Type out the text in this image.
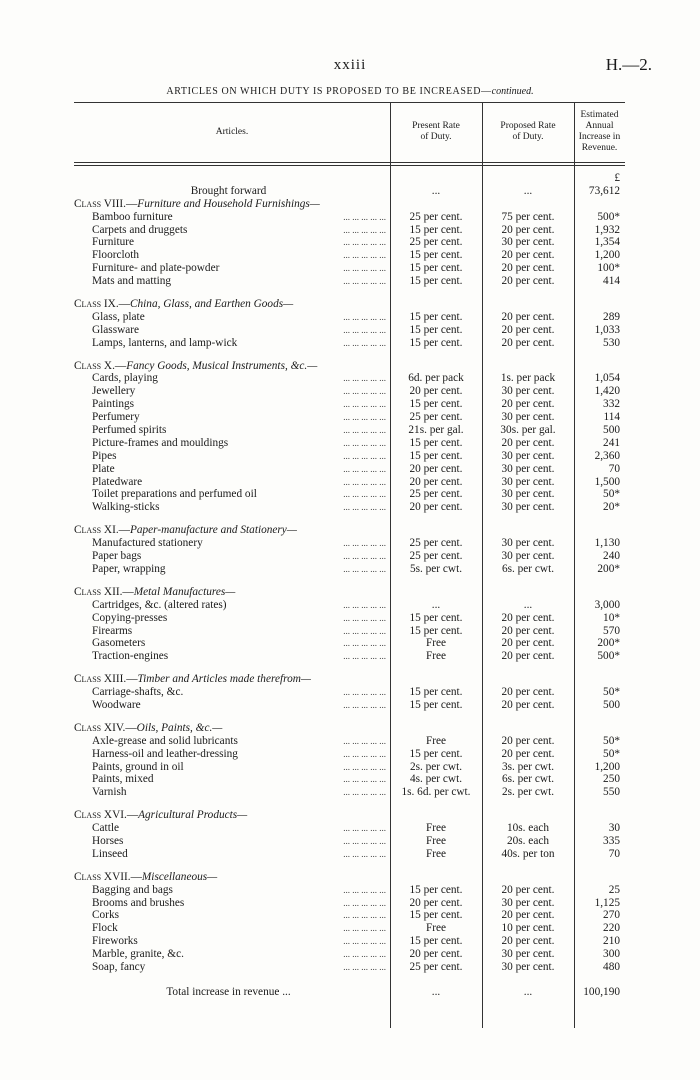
xxiii	H.—2.
ARTICLES ON WHICH DUTY IS PROPOSED TO BE INCREASED—continued.
Articles.
Present Rate
of Duty.
Proposed Rate
of Duty.
Estimated
Annual
Increase in
Revenue.
£
Brought forward	...	...	73,612
Class VIII.—Furniture and Household Furnishings—
Bamboo furniture	... ... ... ... ...	25 per cent.	75 per cent.	500*
Carpets and druggets	... ... ... ... ...	15 per cent.	20 per cent.	1,932
Furniture	... ... ... ... ...	25 per cent.	30 per cent.	1,354
Floorcloth	... ... ... ... ...	15 per cent.	20 per cent.	1,200
Furniture- and plate-powder	... ... ... ... ...	15 per cent.	20 per cent.	100*
Mats and matting	... ... ... ... ...	15 per cent.	20 per cent.	414
Class IX.—China, Glass, and Earthen Goods—
Glass, plate	... ... ... ... ...	15 per cent.	20 per cent.	289
Glassware	... ... ... ... ...	15 per cent.	20 per cent.	1,033
Lamps, lanterns, and lamp-wick	... ... ... ... ...	15 per cent.	20 per cent.	530
Class X.—Fancy Goods, Musical Instruments, &c.—
Cards, playing	... ... ... ... ...	6d. per pack	1s. per pack	1,054
Jewellery	... ... ... ... ...	20 per cent.	30 per cent.	1,420
Paintings	... ... ... ... ...	15 per cent.	20 per cent.	332
Perfumery	... ... ... ... ...	25 per cent.	30 per cent.	114
Perfumed spirits	... ... ... ... ...	21s. per gal.	30s. per gal.	500
Picture-frames and mouldings	... ... ... ... ...	15 per cent.	20 per cent.	241
Pipes	... ... ... ... ...	15 per cent.	30 per cent.	2,360
Plate	... ... ... ... ...	20 per cent.	30 per cent.	70
Platedware	... ... ... ... ...	20 per cent.	30 per cent.	1,500
Toilet preparations and perfumed oil	... ... ... ... ...	25 per cent.	30 per cent.	50*
Walking-sticks	... ... ... ... ...	20 per cent.	30 per cent.	20*
Class XI.—Paper-manufacture and Stationery—
Manufactured stationery	... ... ... ... ...	25 per cent.	30 per cent.	1,130
Paper bags	... ... ... ... ...	25 per cent.	30 per cent.	240
Paper, wrapping	... ... ... ... ...	5s. per cwt.	6s. per cwt.	200*
Class XII.—Metal Manufactures—
Cartridges, &c. (altered rates)	... ... ... ... ...	...	...	3,000
Copying-presses	... ... ... ... ...	15 per cent.	20 per cent.	10*
Firearms	... ... ... ... ...	15 per cent.	20 per cent.	570
Gasometers	... ... ... ... ...	Free	20 per cent.	200*
Traction-engines	... ... ... ... ...	Free	20 per cent.	500*
Class XIII.—Timber and Articles made therefrom—
Carriage-shafts, &c.	... ... ... ... ...	15 per cent.	20 per cent.	50*
Woodware	... ... ... ... ...	15 per cent.	20 per cent.	500
Class XIV.—Oils, Paints, &c.—
Axle-grease and solid lubricants	... ... ... ... ...	Free	20 per cent.	50*
Harness-oil and leather-dressing	... ... ... ... ...	15 per cent.	20 per cent.	50*
Paints, ground in oil	... ... ... ... ...	2s. per cwt.	3s. per cwt.	1,200
Paints, mixed	... ... ... ... ...	4s. per cwt.	6s. per cwt.	250
Varnish	... ... ... ... ...	1s. 6d. per cwt.	2s. per cwt.	550
Class XVI.—Agricultural Products—
Cattle	... ... ... ... ...	Free	10s. each	30
Horses	... ... ... ... ...	Free	20s. each	335
Linseed	... ... ... ... ...	Free	40s. per ton	70
Class XVII.—Miscellaneous—
Bagging and bags	... ... ... ... ...	15 per cent.	20 per cent.	25
Brooms and brushes	... ... ... ... ...	20 per cent.	30 per cent.	1,125
Corks	... ... ... ... ...	15 per cent.	20 per cent.	270
Flock	... ... ... ... ...	Free	10 per cent.	220
Fireworks	... ... ... ... ...	15 per cent.	20 per cent.	210
Marble, granite, &c.	... ... ... ... ...	20 per cent.	30 per cent.	300
Soap, fancy	... ... ... ... ...	25 per cent.	30 per cent.	480
Total increase in revenue ...	...	...	100,190
